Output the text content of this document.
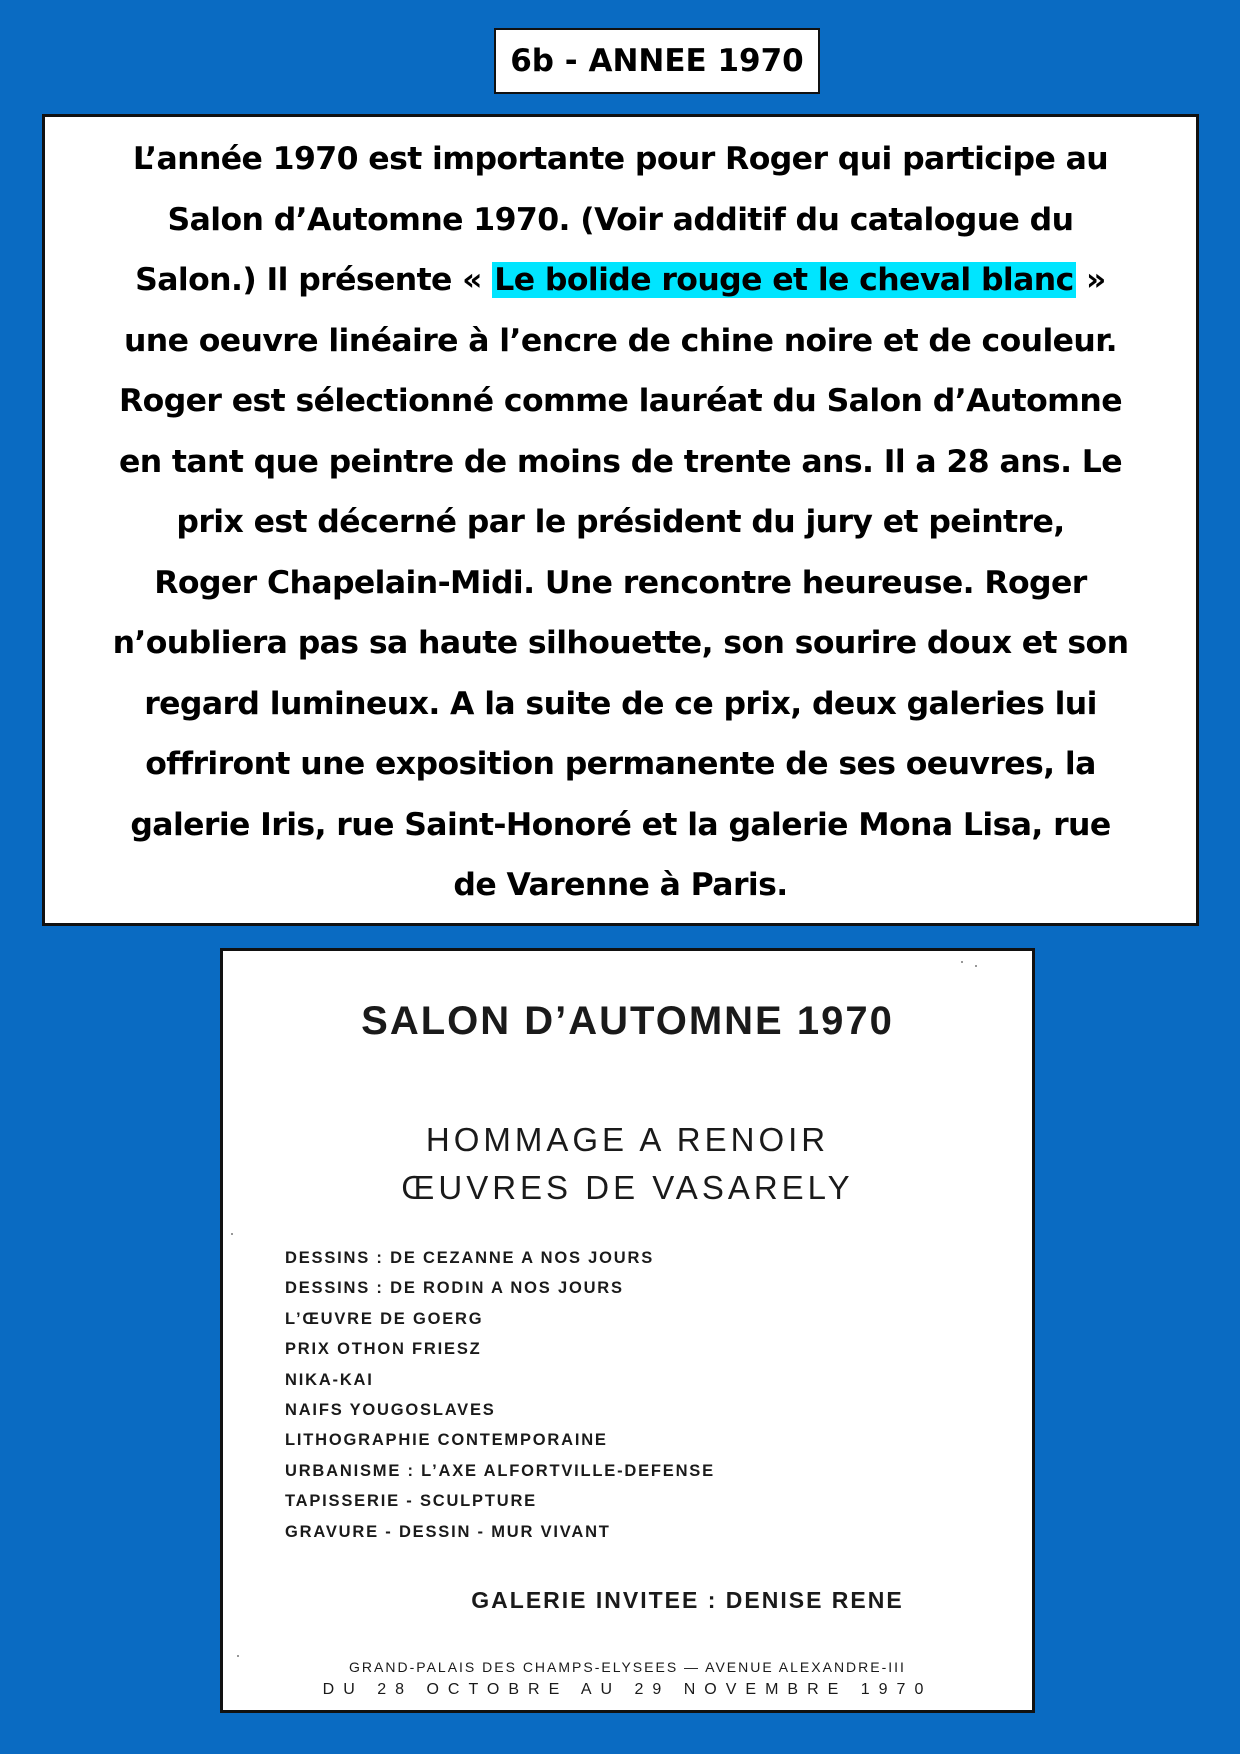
6b - ANNEE 1970

L’année 1970 est importante pour Roger qui participe au
Salon d’Automne 1970. (Voir additif du catalogue du
Salon.) Il présente « Le bolide rouge et le cheval blanc »
une oeuvre linéaire à l’encre de chine noire et de couleur.
Roger est sélectionné comme lauréat du Salon d’Automne
en tant que peintre de moins de trente ans. Il a 28 ans. Le
prix est décerné par le président du jury et peintre,
Roger Chapelain-Midi. Une rencontre heureuse. Roger
n’oubliera pas sa haute silhouette, son sourire doux et son
regard lumineux. A la suite de ce prix, deux galeries lui
offriront une exposition permanente de ses oeuvres, la
galerie Iris, rue Saint-Honoré et la galerie Mona Lisa, rue
de Varenne à Paris.

SALON D’AUTOMNE 1970
HOMMAGE A RENOIR
ŒUVRES DE VASARELY
DESSINS : DE CEZANNE A NOS JOURS
DESSINS : DE RODIN A NOS JOURS
L’ŒUVRE DE GOERG
PRIX OTHON FRIESZ
NIKA-KAI
NAIFS YOUGOSLAVES
LITHOGRAPHIE CONTEMPORAINE
URBANISME : L’AXE ALFORTVILLE-DEFENSE
TAPISSERIE - SCULPTURE
GRAVURE - DESSIN - MUR VIVANT
GALERIE INVITEE : DENISE RENE
GRAND-PALAIS DES CHAMPS-ELYSEES — AVENUE ALEXANDRE-III
DU 28 OCTOBRE AU 29 NOVEMBRE 1970
